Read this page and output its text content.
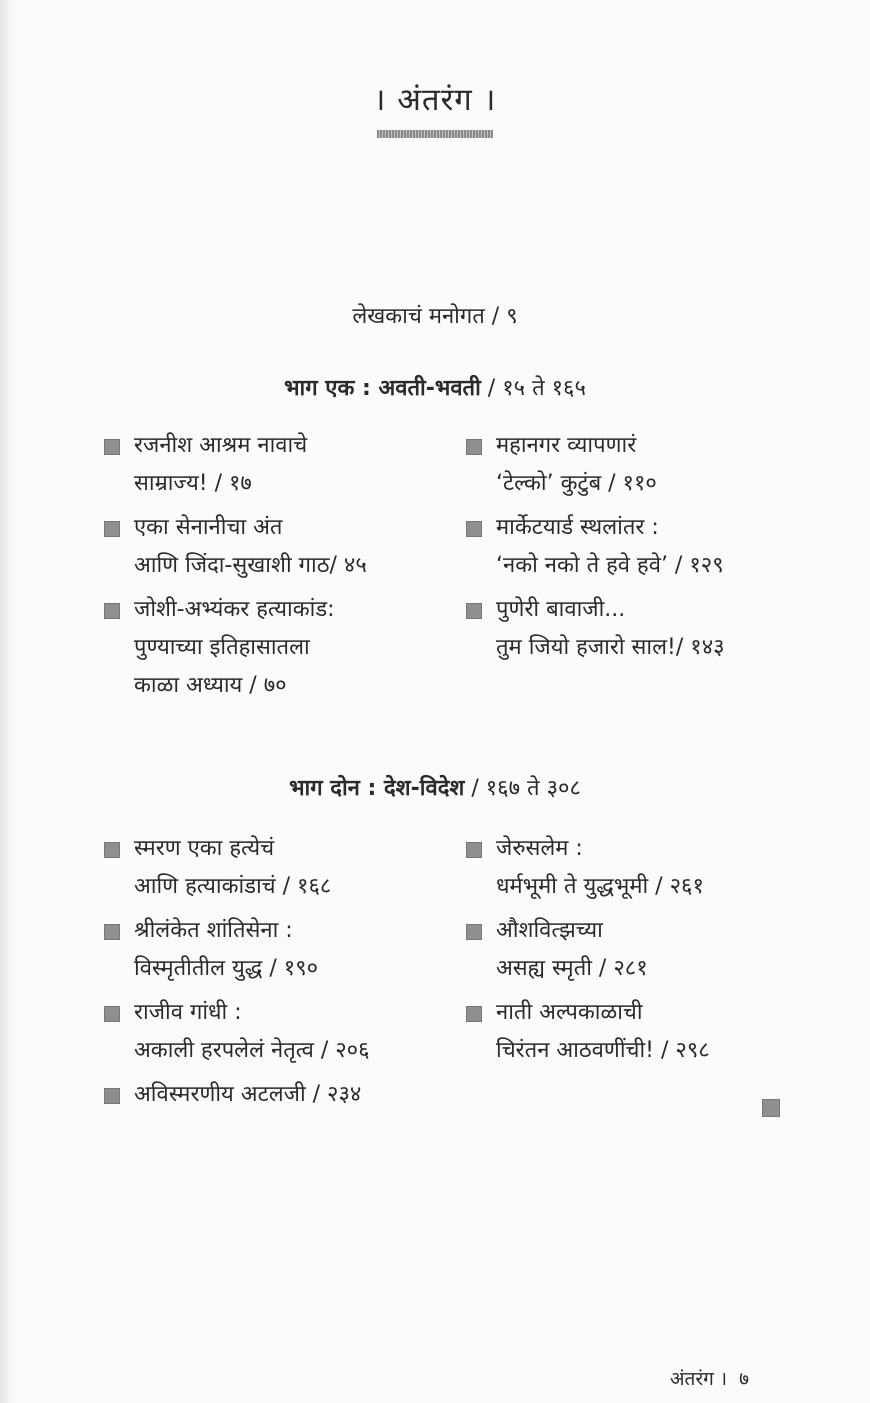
। अंतरंग ।
लेखकाचं मनोगत / ९
भाग एक : अवती-भवती / १५ ते १६५
रजनीश आश्रम नावाचे
साम्राज्य! / १७
एका सेनानीचा अंत
आणि जिंदा-सुखाशी गाठ/ ४५
जोशी-अभ्यंकर हत्याकांड:
पुण्याच्या इतिहासातला
काळा अध्याय / ७०
महानगर व्यापणारं
‘टेल्को’ कुटुंब / ११०
मार्केटयार्ड स्थलांतर :
‘नको नको ते हवे हवे’ / १२९
पुणेरी बावाजी...
तुम जियो हजारो साल!/ १४३
भाग दोन : देश-विदेश / १६७ ते ३०८
स्मरण एका हत्येचं
आणि हत्याकांडाचं / १६८
श्रीलंकेत शांतिसेना :
विस्मृतीतील युद्ध / १९०
राजीव गांधी :
अकाली हरपलेलं नेतृत्व / २०६
अविस्मरणीय अटलजी / २३४
जेरुसलेम :
धर्मभूमी ते युद्धभूमी / २६१
औशवित्झच्या
असह्य स्मृती / २८१
नाती अल्पकाळाची
चिरंतन आठवणींची! / २९८
अंतरंग । ७
